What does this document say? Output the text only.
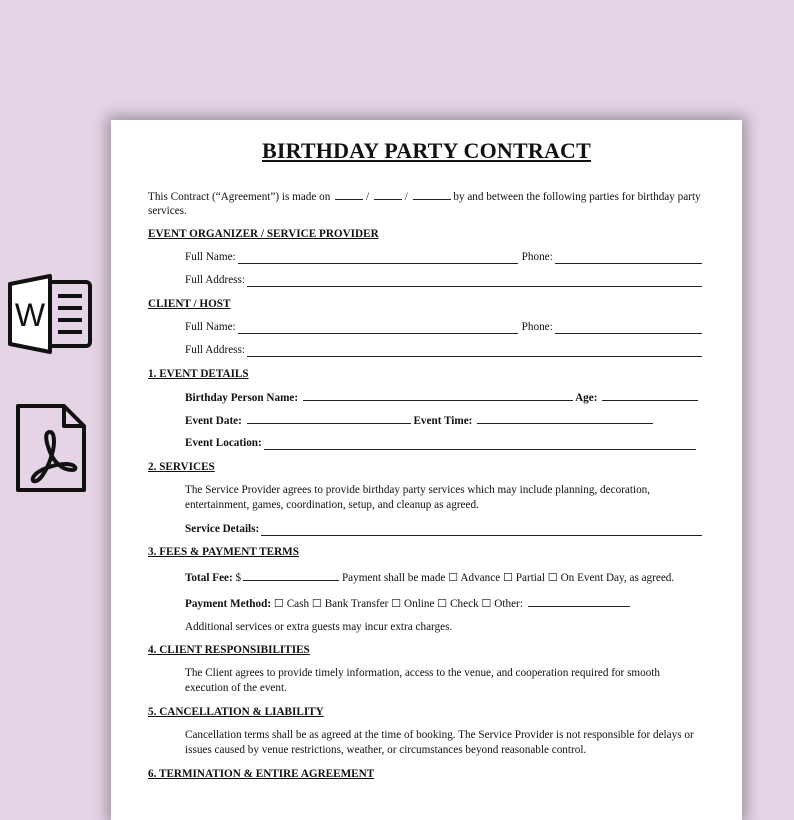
W
BIRTHDAY PARTY CONTRACT
This Contract (“Agreement”) is made on	/	/	by and between the following parties for birthday party
services.
EVENT ORGANIZER / SERVICE PROVIDER
Full Name:	Phone:
Full Address:
CLIENT / HOST
Full Name:	Phone:
Full Address:
1. EVENT DETAILS
Birthday Person Name:	Age:
Event Date:	Event Time:
Event Location:
2. SERVICES
The Service Provider agrees to provide birthday party services which may include planning, decoration,
entertainment, games, coordination, setup, and cleanup as agreed.
Service Details:
3. FEES & PAYMENT TERMS
Total Fee: $	Payment shall be made ☐ Advance ☐ Partial ☐ On Event Day, as agreed.
Payment Method: ☐ Cash ☐ Bank Transfer ☐ Online ☐ Check ☐ Other:
Additional services or extra guests may incur extra charges.
4. CLIENT RESPONSIBILITIES
The Client agrees to provide timely information, access to the venue, and cooperation required for smooth
execution of the event.
5. CANCELLATION & LIABILITY
Cancellation terms shall be as agreed at the time of booking. The Service Provider is not responsible for delays or
issues caused by venue restrictions, weather, or circumstances beyond reasonable control.
6. TERMINATION & ENTIRE AGREEMENT
